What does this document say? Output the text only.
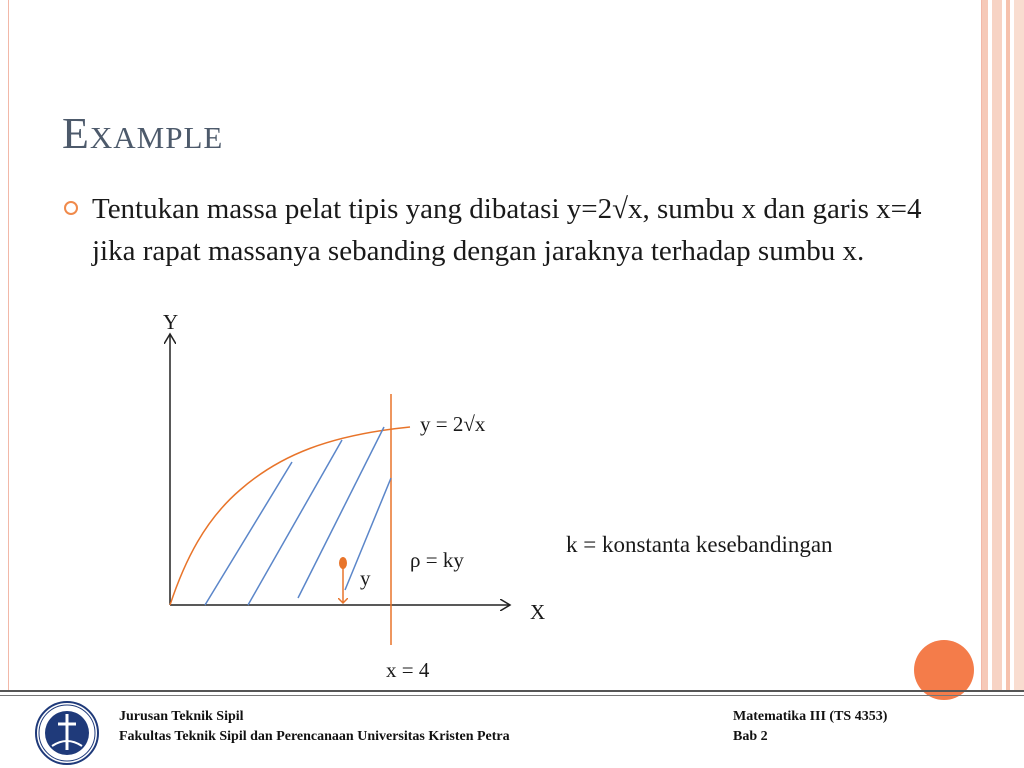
Example

Tentukan massa pelat tipis yang dibatasi y=2√x, sumbu x dan garis x=4 jika rapat massanya sebanding dengan jaraknya terhadap sumbu x.

Y
X
y = 2√x
x = 4
ρ = ky
y
k = konstanta kesebandingan
Jurusan Teknik Sipil
Fakultas Teknik Sipil dan Perencanaan Universitas Kristen Petra
Matematika III (TS 4353)
Bab 2
